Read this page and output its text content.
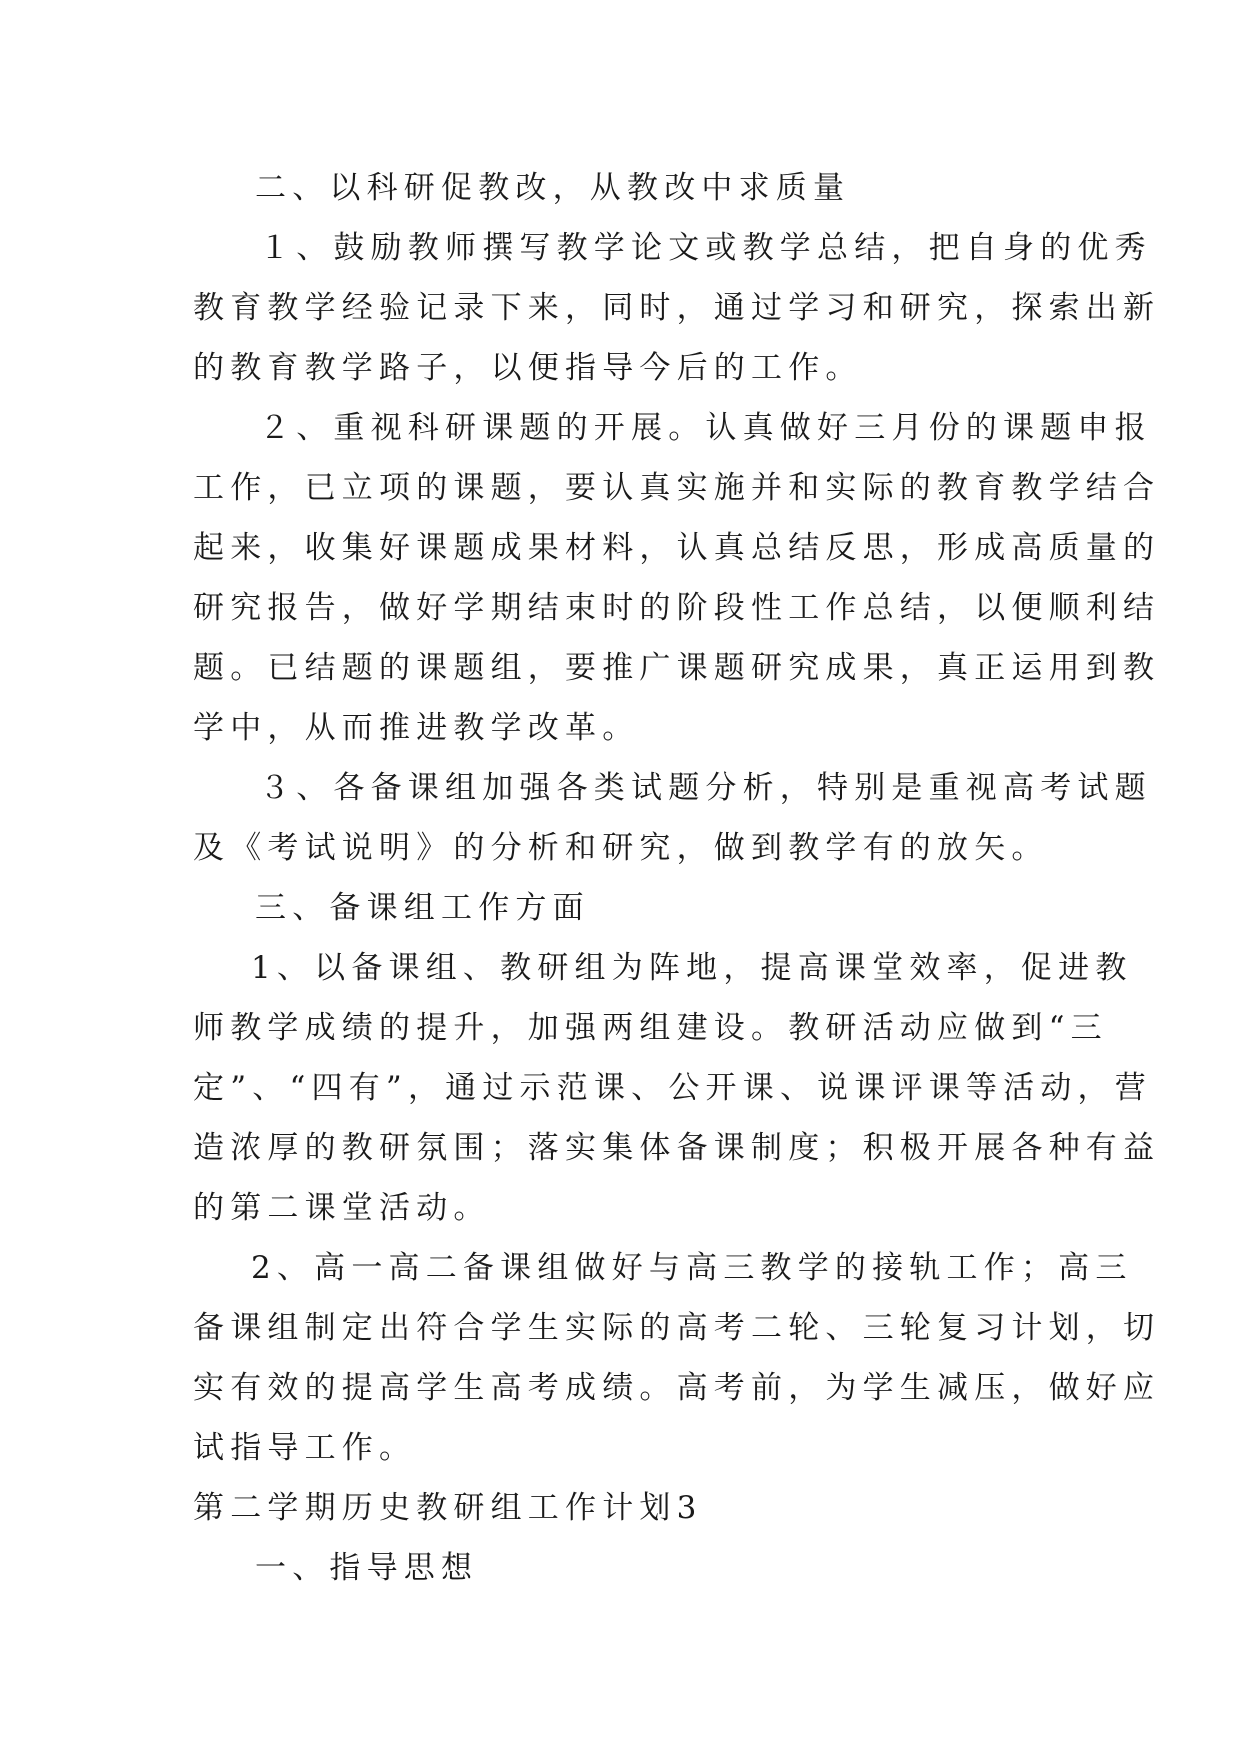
二、以科研促教改，从教改中求质量
１、鼓励教师撰写教学论文或教学总结，把自身的优秀
教育教学经验记录下来，同时，通过学习和研究，探索出新
的教育教学路子，以便指导今后的工作。
２、重视科研课题的开展。认真做好三月份的课题申报
工作，已立项的课题，要认真实施并和实际的教育教学结合
起来，收集好课题成果材料，认真总结反思，形成高质量的
研究报告，做好学期结束时的阶段性工作总结，以便顺利结
题。已结题的课题组，要推广课题研究成果，真正运用到教
学中，从而推进教学改革。
３、各备课组加强各类试题分析，特别是重视高考试题
及《考试说明》的分析和研究，做到教学有的放矢。
三、备课组工作方面
1、以备课组、教研组为阵地，提高课堂效率，促进教
师教学成绩的提升，加强两组建设。教研活动应做到“三
定”、“四有”，通过示范课、公开课、说课评课等活动，营
造浓厚的教研氛围；落实集体备课制度；积极开展各种有益
的第二课堂活动。
2、高一高二备课组做好与高三教学的接轨工作；高三
备课组制定出符合学生实际的高考二轮、三轮复习计划，切
实有效的提高学生高考成绩。高考前，为学生减压，做好应
试指导工作。
第二学期历史教研组工作计划3
一、指导思想
